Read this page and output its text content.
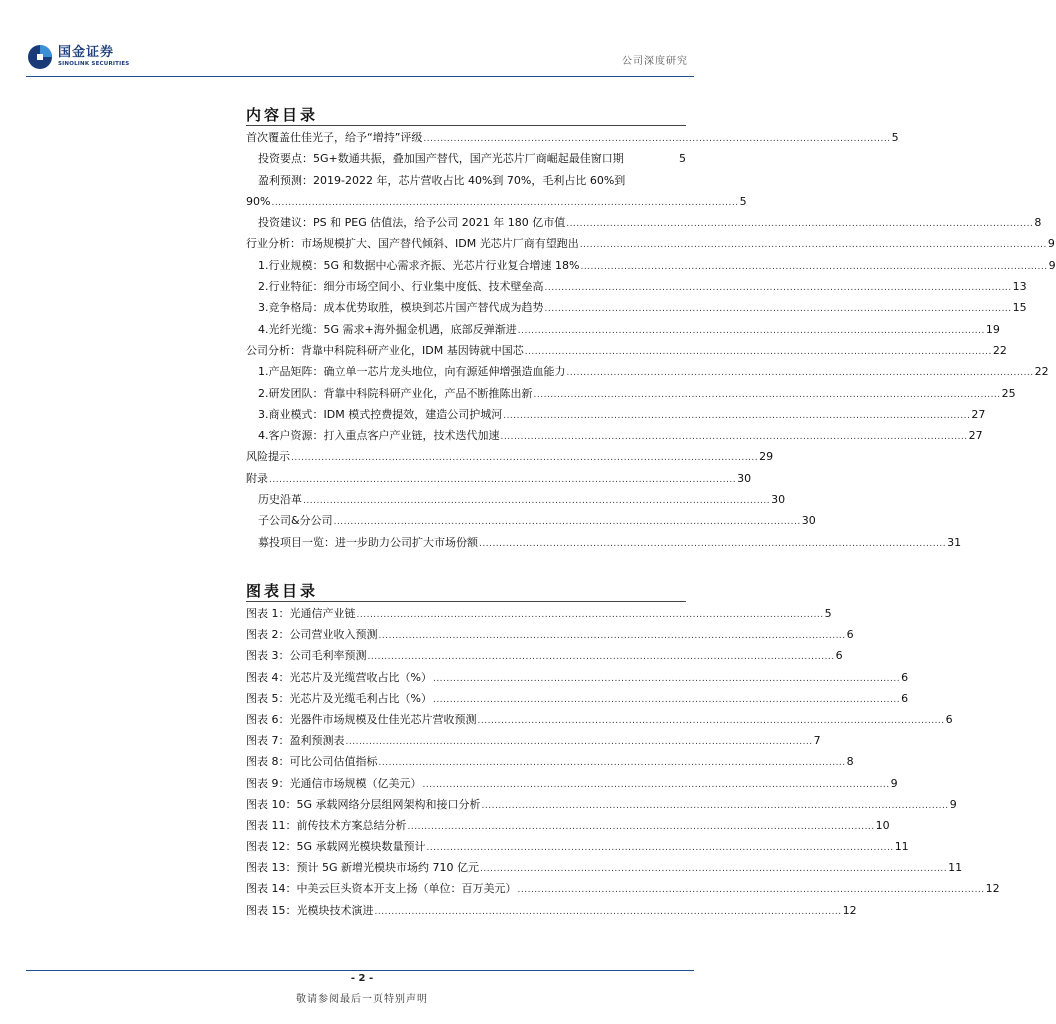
国金证券
SINOLINK SECURITIES	公司深度研究
内容目录
首次覆盖仕佳光子，给予“增持”评级 ........................................................................................................................................... 5
投资要点：5G+数通共振，叠加国产替代，国产光芯片厂商崛起最佳窗口期	5
盈利预测：2019-2022 年，芯片营收占比 40%到 70%，毛利占比 60%到
90% ........................................................................................................................................... 5
投资建议：PS 和 PEG 估值法，给予公司 2021 年 180 亿市值 ........................................................................................................................................... 8
行业分析：市场规模扩大、国产替代倾斜、IDM 光芯片厂商有望跑出 ........................................................................................................................................... 9
1.行业规模：5G 和数据中心需求齐振、光芯片行业复合增速 18% ........................................................................................................................................... 9
2.行业特征：细分市场空间小、行业集中度低、技术壁垒高 ........................................................................................................................................... 13
3.竞争格局：成本优势取胜，模块到芯片国产替代成为趋势 ........................................................................................................................................... 15
4.光纤光缆：5G 需求+海外掘金机遇，底部反弹渐进 ........................................................................................................................................... 19
公司分析：背靠中科院科研产业化，IDM 基因铸就中国芯 ........................................................................................................................................... 22
1.产品矩阵：确立单一芯片龙头地位，向有源延伸增强造血能力 ........................................................................................................................................... 22
2.研发团队：背靠中科院科研产业化，产品不断推陈出新 ........................................................................................................................................... 25
3.商业模式：IDM 模式控费提效，建造公司护城河 ........................................................................................................................................... 27
4.客户资源：打入重点客户产业链，技术迭代加速 ........................................................................................................................................... 27
风险提示 ........................................................................................................................................... 29
附录 ........................................................................................................................................... 30
历史沿革 ........................................................................................................................................... 30
子公司&分公司 ........................................................................................................................................... 30
募投项目一览：进一步助力公司扩大市场份额 ........................................................................................................................................... 31
图表目录
图表 1：光通信产业链 ........................................................................................................................................... 5
图表 2：公司营业收入预测 ........................................................................................................................................... 6
图表 3：公司毛利率预测 ........................................................................................................................................... 6
图表 4：光芯片及光缆营收占比（%） ........................................................................................................................................... 6
图表 5：光芯片及光缆毛利占比（%） ........................................................................................................................................... 6
图表 6：光器件市场规模及仕佳光芯片营收预测 ........................................................................................................................................... 6
图表 7：盈利预测表 ........................................................................................................................................... 7
图表 8：可比公司估值指标 ........................................................................................................................................... 8
图表 9：光通信市场规模（亿美元） ........................................................................................................................................... 9
图表 10：5G 承载网络分层组网架构和接口分析 ........................................................................................................................................... 9
图表 11：前传技术方案总结分析 ........................................................................................................................................... 10
图表 12：5G 承载网光模块数量预计 ........................................................................................................................................... 11
图表 13：预计 5G 新增光模块市场约 710 亿元 ........................................................................................................................................... 11
图表 14：中美云巨头资本开支上扬（单位：百万美元） ........................................................................................................................................... 12
图表 15：光模块技术演进 ........................................................................................................................................... 12
- 2 -
敬请参阅最后一页特别声明
